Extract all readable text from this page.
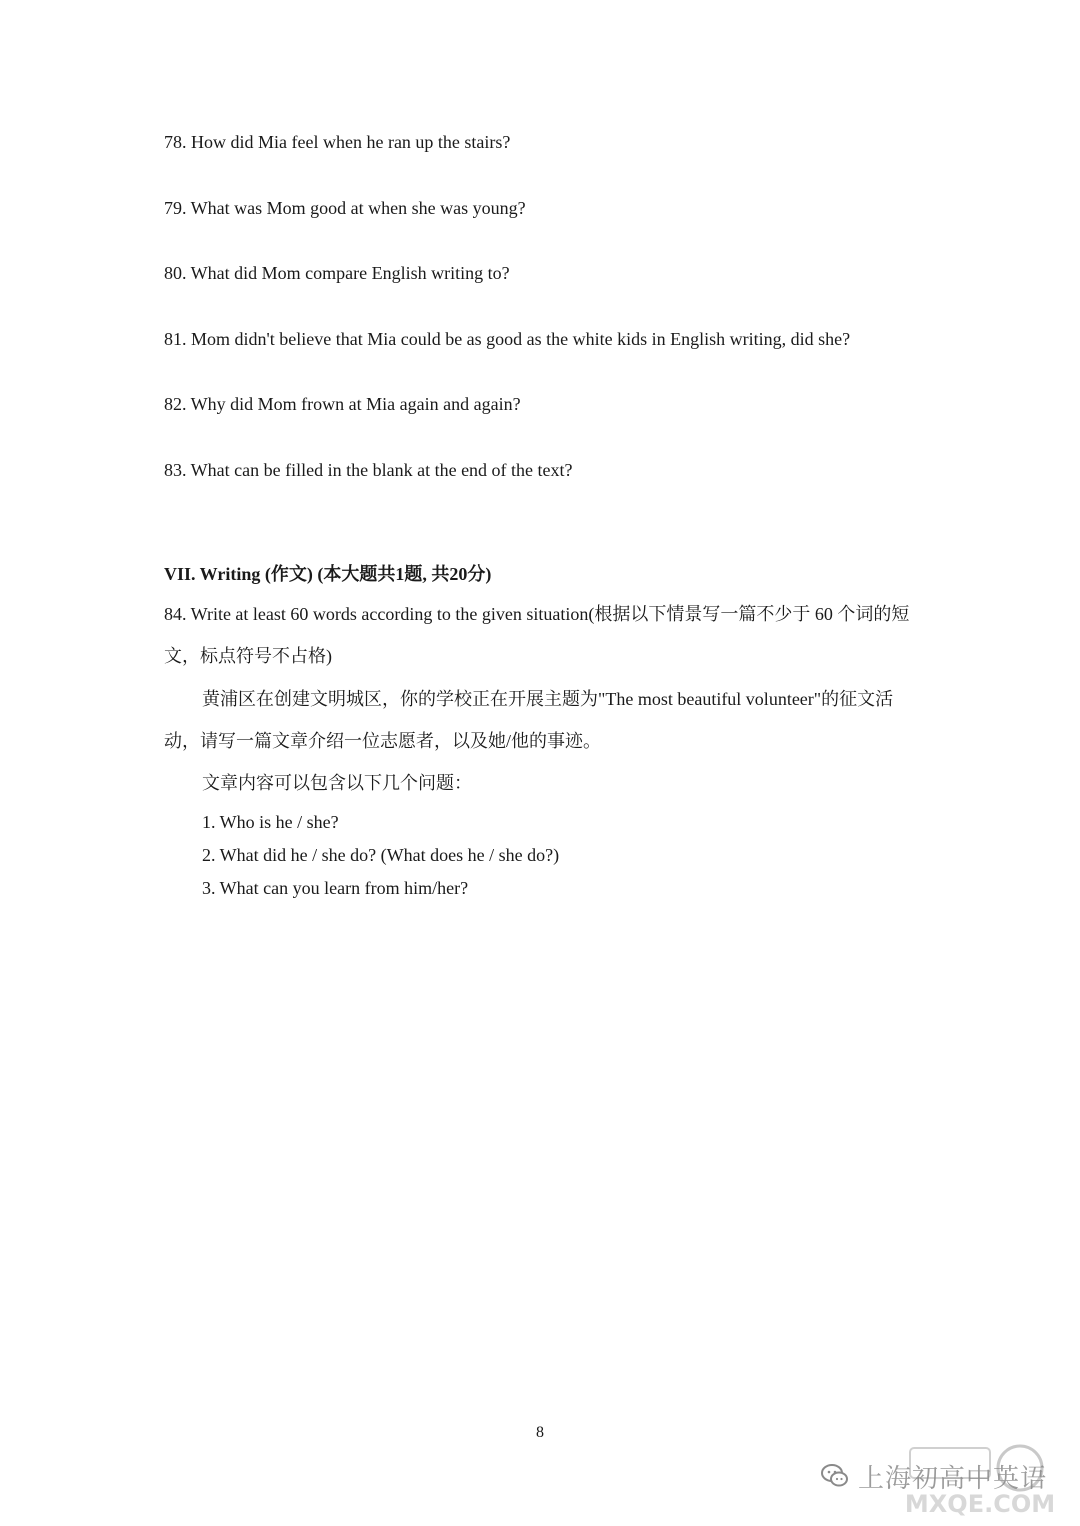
78. How did Mia feel when he ran up the stairs?
79. What was Mom good at when she was young?
80. What did Mom compare English writing to?
81. Mom didn't believe that Mia could be as good as the white kids in English writing, did she?
82. Why did Mom frown at Mia again and again?
83. What can be filled in the blank at the end of the text?
VII. Writing (作文) (本大题共1题, 共20分)
84. Write at least 60 words according to the given situation(根据以下情景写一篇不少于 60 个词的短文，标点符号不占格)
黄浦区在创建文明城区，你的学校正在开展主题为"The most beautiful volunteer"的征文活动，请写一篇文章介绍一位志愿者，以及她/他的事迹。
文章内容可以包含以下几个问题：
1. Who is he / she?
2. What did he / she do? (What does he / she do?)
3. What can you learn from him/her?
8
MXQE.COM
上海初高中英语
